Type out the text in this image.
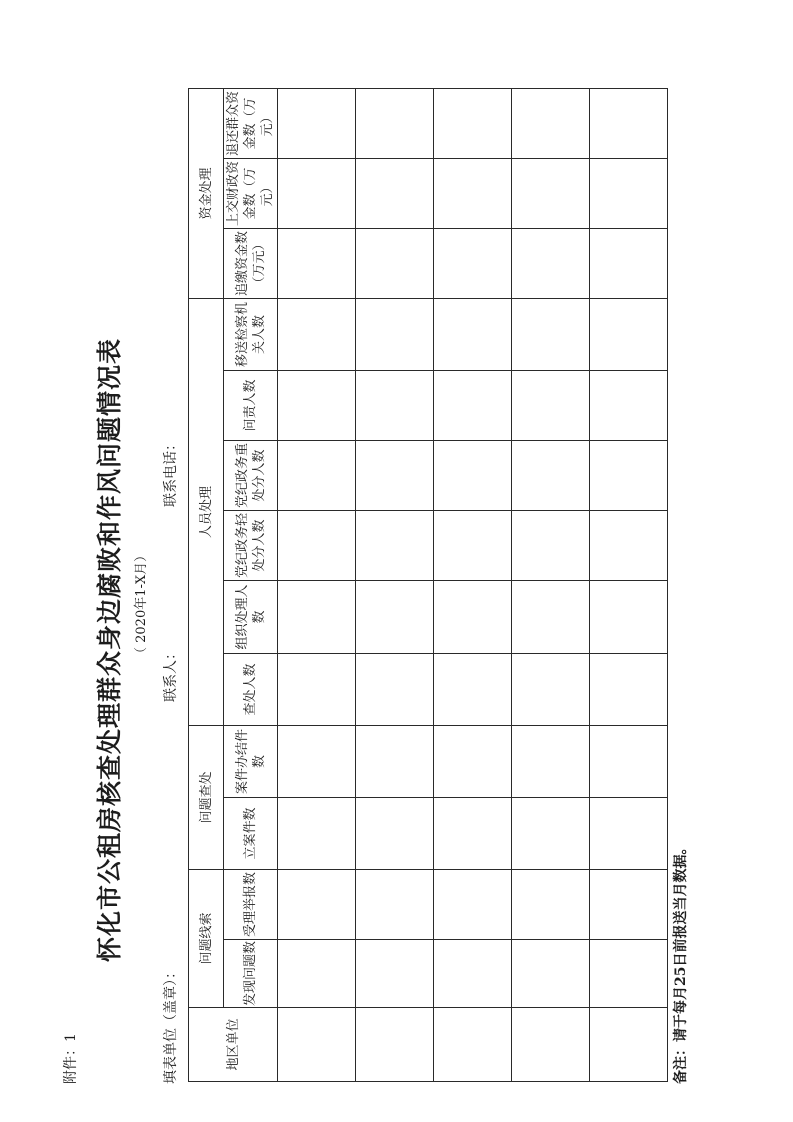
附件：1
怀化市公租房核查处理群众身边腐败和作风问题情况表 （ 2020年1-X月）
填表单位（盖章）：
联系人：
联系电话：
地区单位	问题线索		问题查处		人员处理						资金处理		
	发现问题数	受理举报数	立案件数	案件办结件数	查处人数	组织处理人数	党纪政务轻处分人数	党纪政务重处分人数	问责人数	移送检察机关人数	追缴资金数（万元）	上交财政资金数（万元）	退还群众资金数（万元）

备注：请于每月25日前报送当月数据。
